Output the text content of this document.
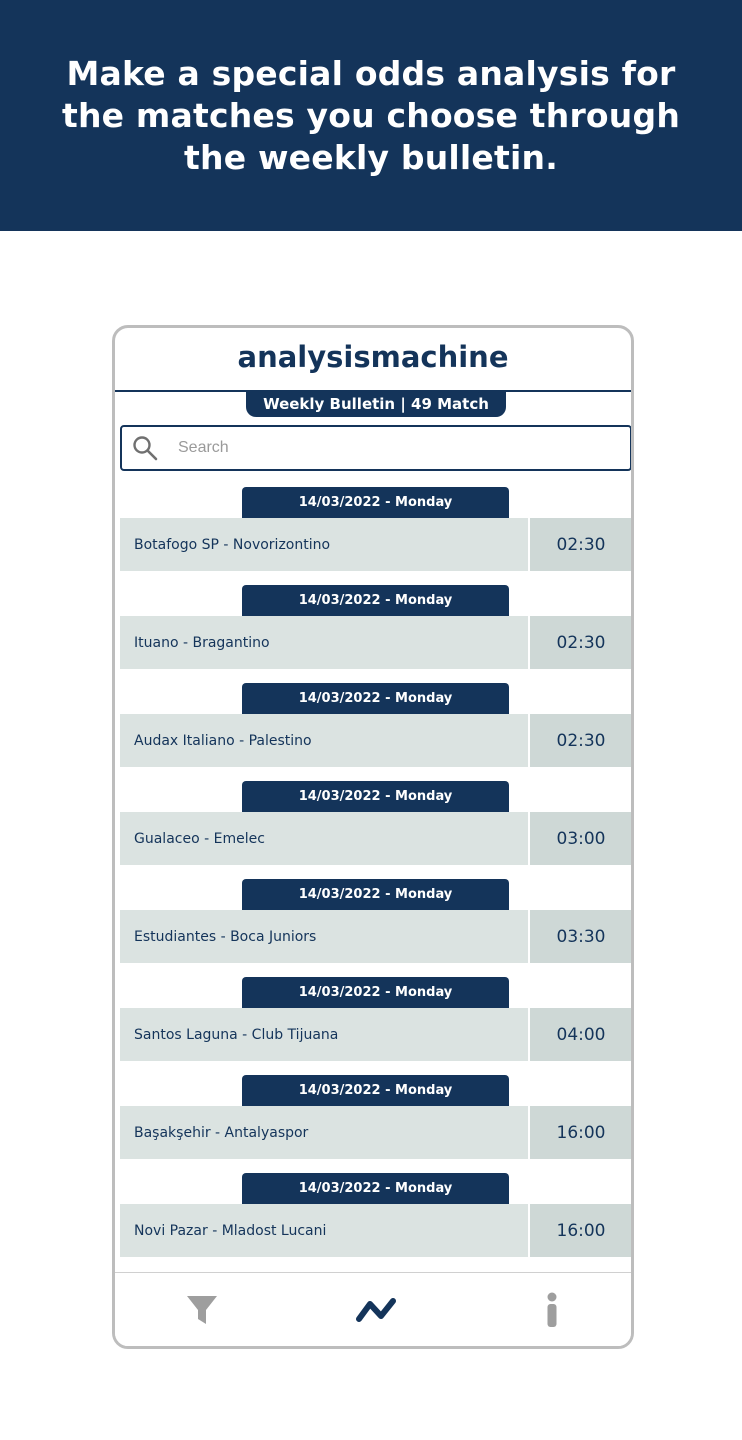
Make a special odds analysis for the matches you choose through the weekly bulletin.
analysismachine
Weekly Bulletin | 49 Match
Search
14/03/2022 - Monday
Botafogo SP - Novorizontino	02:30
14/03/2022 - Monday
Ituano - Bragantino	02:30
14/03/2022 - Monday
Audax Italiano - Palestino	02:30
14/03/2022 - Monday
Gualaceo - Emelec	03:00
14/03/2022 - Monday
Estudiantes - Boca Juniors	03:30
14/03/2022 - Monday
Santos Laguna - Club Tijuana	04:00
14/03/2022 - Monday
Başakşehir - Antalyaspor	16:00
14/03/2022 - Monday
Novi Pazar - Mladost Lucani	16:00
